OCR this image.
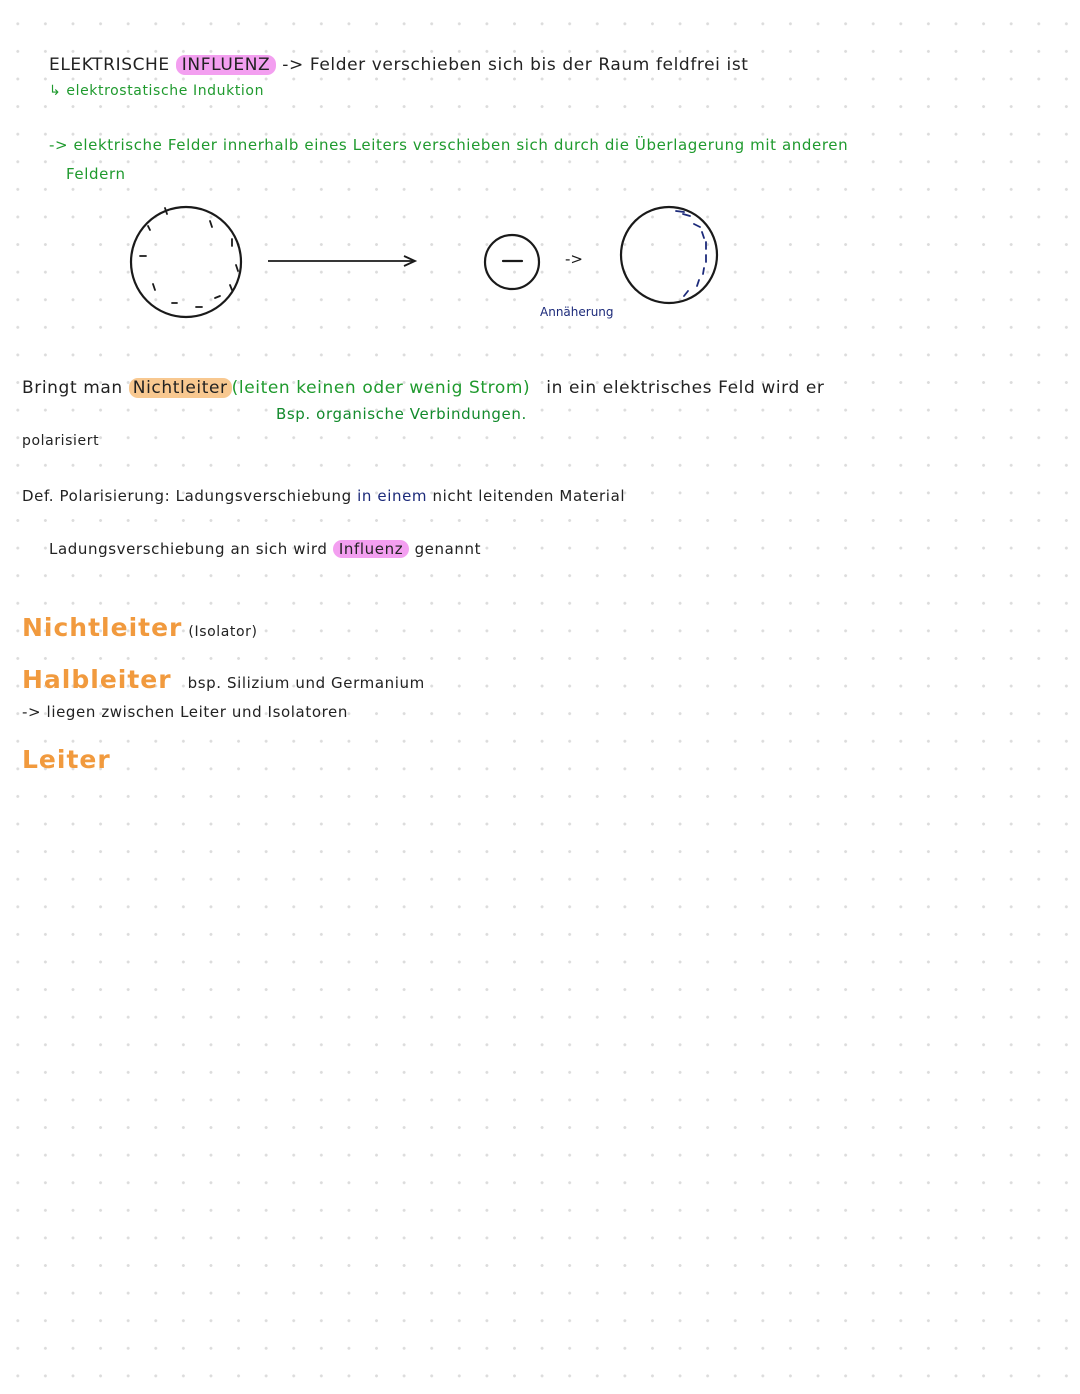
ELEKTRISCHE INFLUENZ -> Felder verschieben sich bis der Raum feldfrei ist
↳ elektrostatische Induktion
-> elektrische Felder innerhalb eines Leiters verschieben sich durch die Überlagerung mit anderen
Feldern
->
Annäherung
Bringt man Nichtleiter (leiten keinen oder wenig Strom) in ein elektrisches Feld wird er
Bsp. organische Verbindungen.
polarisiert
Def. Polarisierung: Ladungsverschiebung in einem nicht leitenden Material
Ladungsverschiebung an sich wird Influenz genannt
Nichtleiter (Isolator)
Halbleiter bsp. Silizium und Germanium
-> liegen zwischen Leiter und Isolatoren
Leiter
